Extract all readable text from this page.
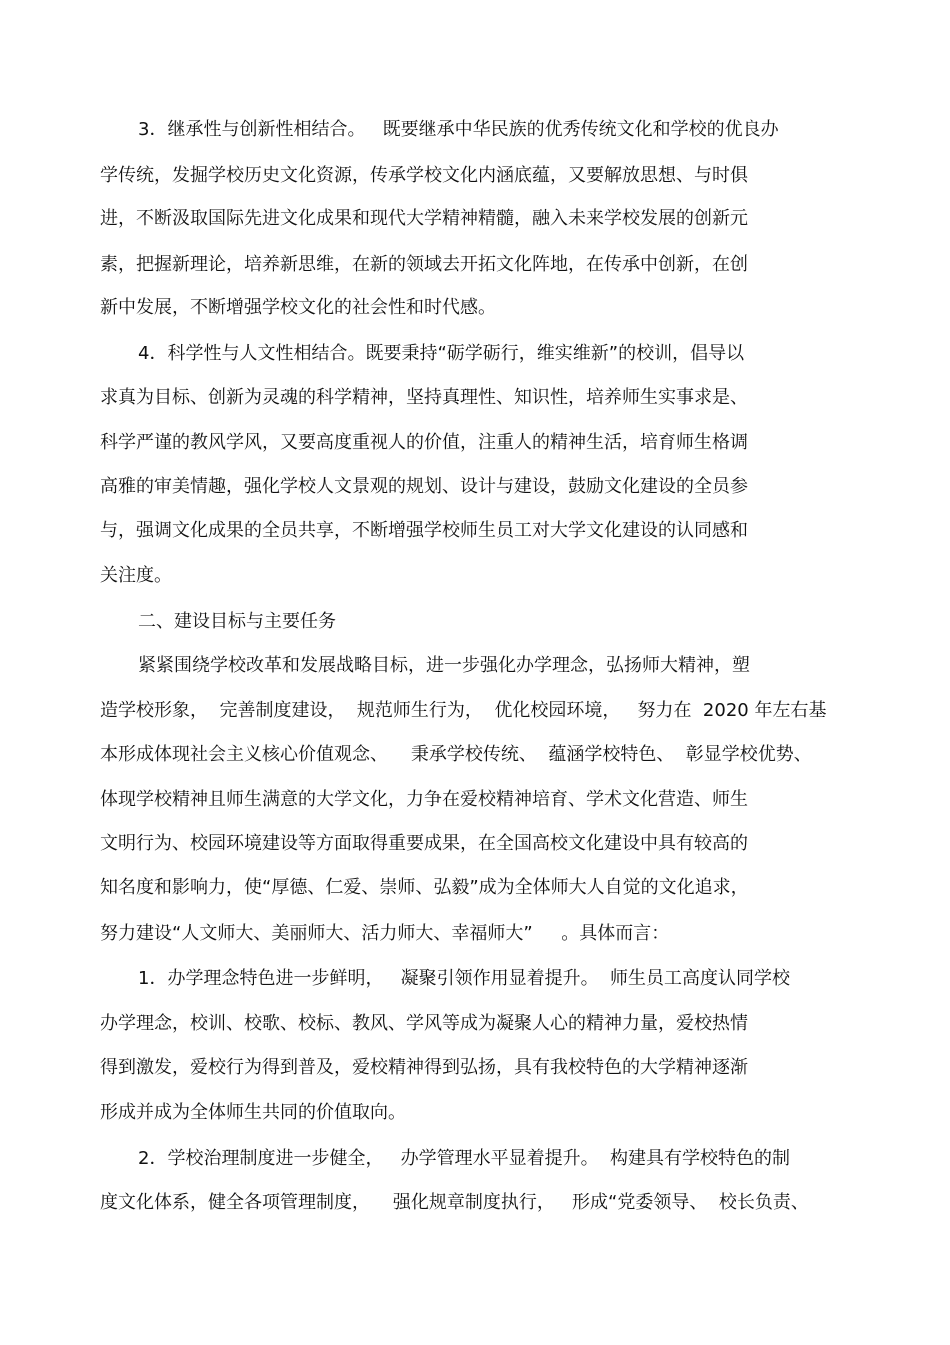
3．继承性与创新性相结合。   既要继承中华民族的优秀传统文化和学校的优良办
学传统，发掘学校历史文化资源，传承学校文化内涵底蕴，又要解放思想、与时俱
进，不断汲取国际先进文化成果和现代大学精神精髓，融入未来学校发展的创新元
素，把握新理论，培养新思维，在新的领域去开拓文化阵地，在传承中创新，在创
新中发展，不断增强学校文化的社会性和时代感。
4．科学性与人文性相结合。既要秉持“砺学砺行，维实维新”的校训，倡导以
求真为目标、创新为灵魂的科学精神，坚持真理性、知识性，培养师生实事求是、
科学严谨的教风学风，又要高度重视人的价值，注重人的精神生活，培育师生格调
高雅的审美情趣，强化学校人文景观的规划、设计与建设，鼓励文化建设的全员参
与，强调文化成果的全员共享，不断增强学校师生员工对大学文化建设的认同感和
关注度。
二、建设目标与主要任务
紧紧围绕学校改革和发展战略目标，进一步强化办学理念，弘扬师大精神，塑
造学校形象，  完善制度建设，  规范师生行为，  优化校园环境，   努力在  2020 年左右基
本形成体现社会主义核心价值观念、    秉承学校传统、  蕴涵学校特色、  彰显学校优势、
体现学校精神且师生满意的大学文化，力争在爱校精神培育、学术文化营造、师生
文明行为、校园环境建设等方面取得重要成果，在全国高校文化建设中具有较高的
知名度和影响力，使“厚德、仁爱、崇师、弘毅”成为全体师大人自觉的文化追求，
努力建设“人文师大、美丽师大、活力师大、幸福师大”     。具体而言：
1．办学理念特色进一步鲜明，   凝聚引领作用显着提升。  师生员工高度认同学校
办学理念，校训、校歌、校标、教风、学风等成为凝聚人心的精神力量，爱校热情
得到激发，爱校行为得到普及，爱校精神得到弘扬，具有我校特色的大学精神逐渐
形成并成为全体师生共同的价值取向。
2．学校治理制度进一步健全，   办学管理水平显着提升。  构建具有学校特色的制
度文化体系，健全各项管理制度，    强化规章制度执行，   形成“党委领导、  校长负责、
